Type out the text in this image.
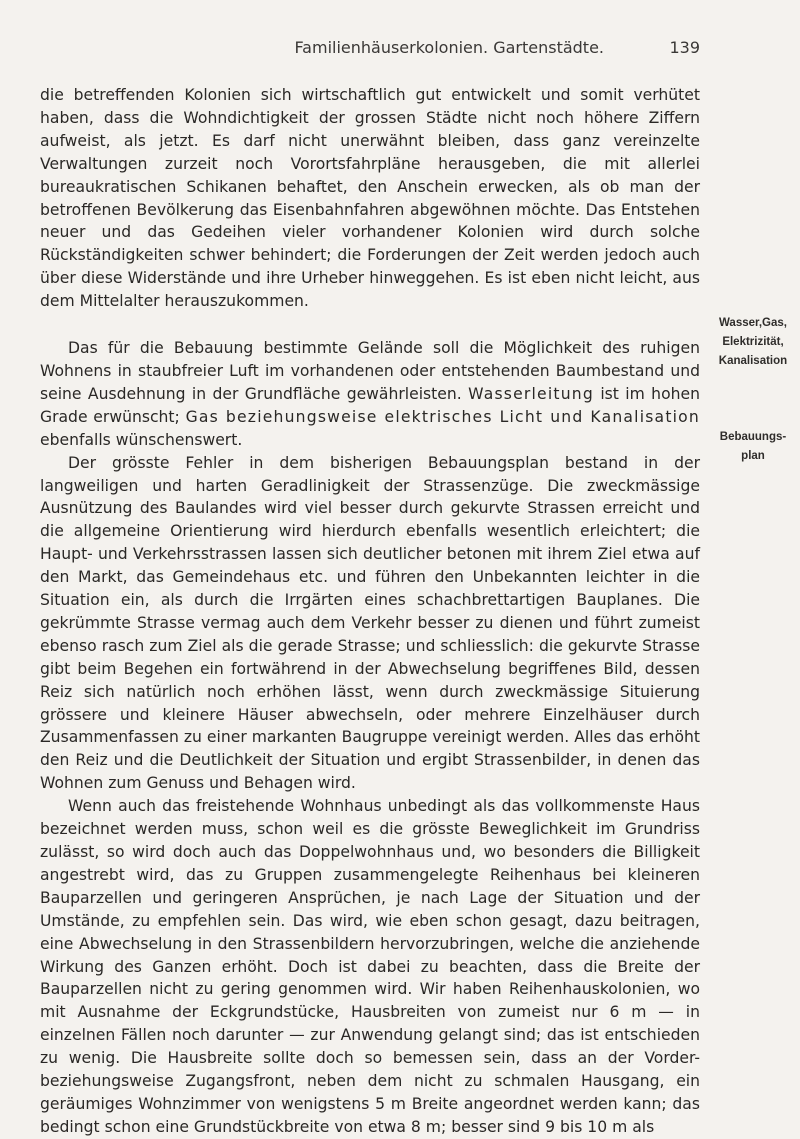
Familienhäuserkolonien. Gartenstädte.	139

die betreffenden Kolonien sich wirtschaftlich gut entwickelt und somit verhütet haben, dass die Wohndichtigkeit der grossen Städte nicht noch höhere Ziffern aufweist, als jetzt. Es darf nicht unerwähnt bleiben, dass ganz vereinzelte Verwaltungen zurzeit noch Vorortsfahrpläne herausgeben, die mit allerlei bureaukratischen Schikanen behaftet, den Anschein erwecken, als ob man der betroffenen Bevölkerung das Eisenbahnfahren abgewöhnen möchte. Das Entstehen neuer und das Gedeihen vieler vorhandener Kolonien wird durch solche Rückständigkeiten schwer behindert; die Forderungen der Zeit werden jedoch auch über diese Widerstände und ihre Urheber hinweggehen. Es ist eben nicht leicht, aus dem Mittelalter herauszukommen.

Das für die Bebauung bestimmte Gelände soll die Möglichkeit des ruhigen Wohnens in staubfreier Luft im vorhandenen oder entstehenden Baumbestand und seine Ausdehnung in der Grundfläche gewährleisten. Wasserleitung ist im hohen Grade erwünscht; Gas beziehungsweise elektrisches Licht und Kanalisation ebenfalls wünschenswert.

Der grösste Fehler in dem bisherigen Bebauungsplan bestand in der langweiligen und harten Geradlinigkeit der Strassenzüge. Die zweckmässige Ausnützung des Baulandes wird viel besser durch gekurvte Strassen erreicht und die allgemeine Orientierung wird hierdurch ebenfalls wesentlich erleichtert; die Haupt- und Verkehrsstrassen lassen sich deutlicher betonen mit ihrem Ziel etwa auf den Markt, das Gemeindehaus etc. und führen den Unbekannten leichter in die Situation ein, als durch die Irrgärten eines schachbrettartigen Bauplanes. Die gekrümmte Strasse vermag auch dem Verkehr besser zu dienen und führt zumeist ebenso rasch zum Ziel als die gerade Strasse; und schliesslich: die gekurvte Strasse gibt beim Begehen ein fortwährend in der Abwechselung begriffenes Bild, dessen Reiz sich natürlich noch erhöhen lässt, wenn durch zweckmässige Situierung grössere und kleinere Häuser abwechseln, oder mehrere Einzelhäuser durch Zusammenfassen zu einer markanten Baugruppe vereinigt werden. Alles das erhöht den Reiz und die Deutlichkeit der Situation und ergibt Strassenbilder, in denen das Wohnen zum Genuss und Behagen wird.

Wenn auch das freistehende Wohnhaus unbedingt als das vollkommenste Haus bezeichnet werden muss, schon weil es die grösste Beweglichkeit im Grundriss zulässt, so wird doch auch das Doppelwohnhaus und, wo besonders die Billigkeit angestrebt wird, das zu Gruppen zusammengelegte Reihenhaus bei kleineren Bauparzellen und geringeren Ansprüchen, je nach Lage der Situation und der Umstände, zu empfehlen sein. Das wird, wie eben schon gesagt, dazu beitragen, eine Abwechselung in den Strassenbildern hervorzubringen, welche die anziehende Wirkung des Ganzen erhöht. Doch ist dabei zu beachten, dass die Breite der Bauparzellen nicht zu gering genommen wird. Wir haben Reihenhauskolonien, wo mit Ausnahme der Eckgrundstücke, Hausbreiten von zumeist nur 6 m — in einzelnen Fällen noch darunter — zur Anwendung gelangt sind; das ist entschieden zu wenig. Die Hausbreite sollte doch so bemessen sein, dass an der Vorder- beziehungsweise Zugangsfront, neben dem nicht zu schmalen Hausgang, ein geräumiges Wohnzimmer von wenigstens 5 m Breite angeordnet werden kann; das bedingt schon eine Grundstückbreite von etwa 8 m; besser sind 9 bis 10 m als

Wasser,Gas, Elektrizität, Kanalisation
Bebauungs- plan
